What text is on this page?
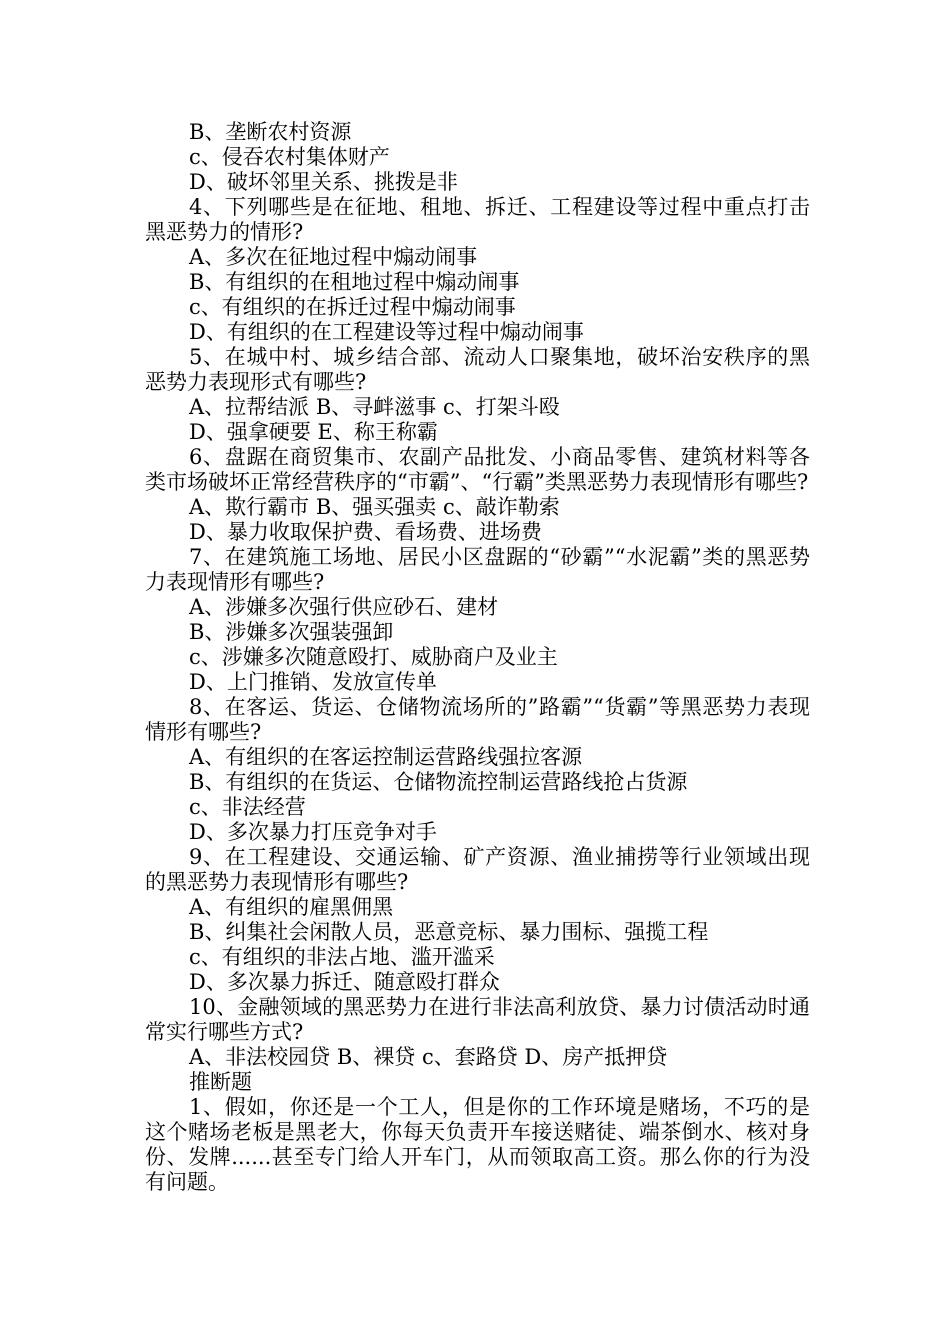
B、垄断农村资源
c、侵吞农村集体财产
D、破坏邻里关系、挑拨是非
4、下列哪些是在征地、租地、拆迁、工程建设等过程中重点打击黑恶势力的情形?
A、多次在征地过程中煽动闹事
B、有组织的在租地过程中煽动闹事
c、有组织的在拆迁过程中煽动闹事
D、有组织的在工程建设等过程中煽动闹事
5、在城中村、城乡结合部、流动人口聚集地，破坏治安秩序的黑恶势力表现形式有哪些?
A、拉帮结派 B、寻衅滋事 c、打架斗殴
D、强拿硬要 E、称王称霸
6、盘踞在商贸集市、农副产品批发、小商品零售、建筑材料等各类市场破坏正常经营秩序的“市霸”、“行霸”类黑恶势力表现情形有哪些?
A、欺行霸市 B、强买强卖 c、敲诈勒索
D、暴力收取保护费、看场费、进场费
7、在建筑施工场地、居民小区盘踞的“砂霸”“水泥霸”类的黑恶势力表现情形有哪些?
A、涉嫌多次强行供应砂石、建材
B、涉嫌多次强装强卸
c、涉嫌多次随意殴打、威胁商户及业主
D、上门推销、发放宣传单
8、在客运、货运、仓储物流场所的”路霸”“货霸”等黑恶势力表现情形有哪些?
A、有组织的在客运控制运营路线强拉客源
B、有组织的在货运、仓储物流控制运营路线抢占货源
c、非法经营
D、多次暴力打压竞争对手
9、在工程建设、交通运输、矿产资源、渔业捕捞等行业领域出现的黑恶势力表现情形有哪些?
A、有组织的雇黑佣黑
B、纠集社会闲散人员，恶意竞标、暴力围标、强揽工程
c、有组织的非法占地、滥开滥采
D、多次暴力拆迁、随意殴打群众
10、金融领域的黑恶势力在进行非法高利放贷、暴力讨债活动时通常实行哪些方式?
A、非法校园贷 B、裸贷 c、套路贷 D、房产抵押贷
推断题
1、假如，你还是一个工人，但是你的工作环境是赌场，不巧的是这个赌场老板是黑老大，你每天负责开车接送赌徒、端茶倒水、核对身份、发牌......甚至专门给人开车门，从而领取高工资。那么你的行为没有问题。
